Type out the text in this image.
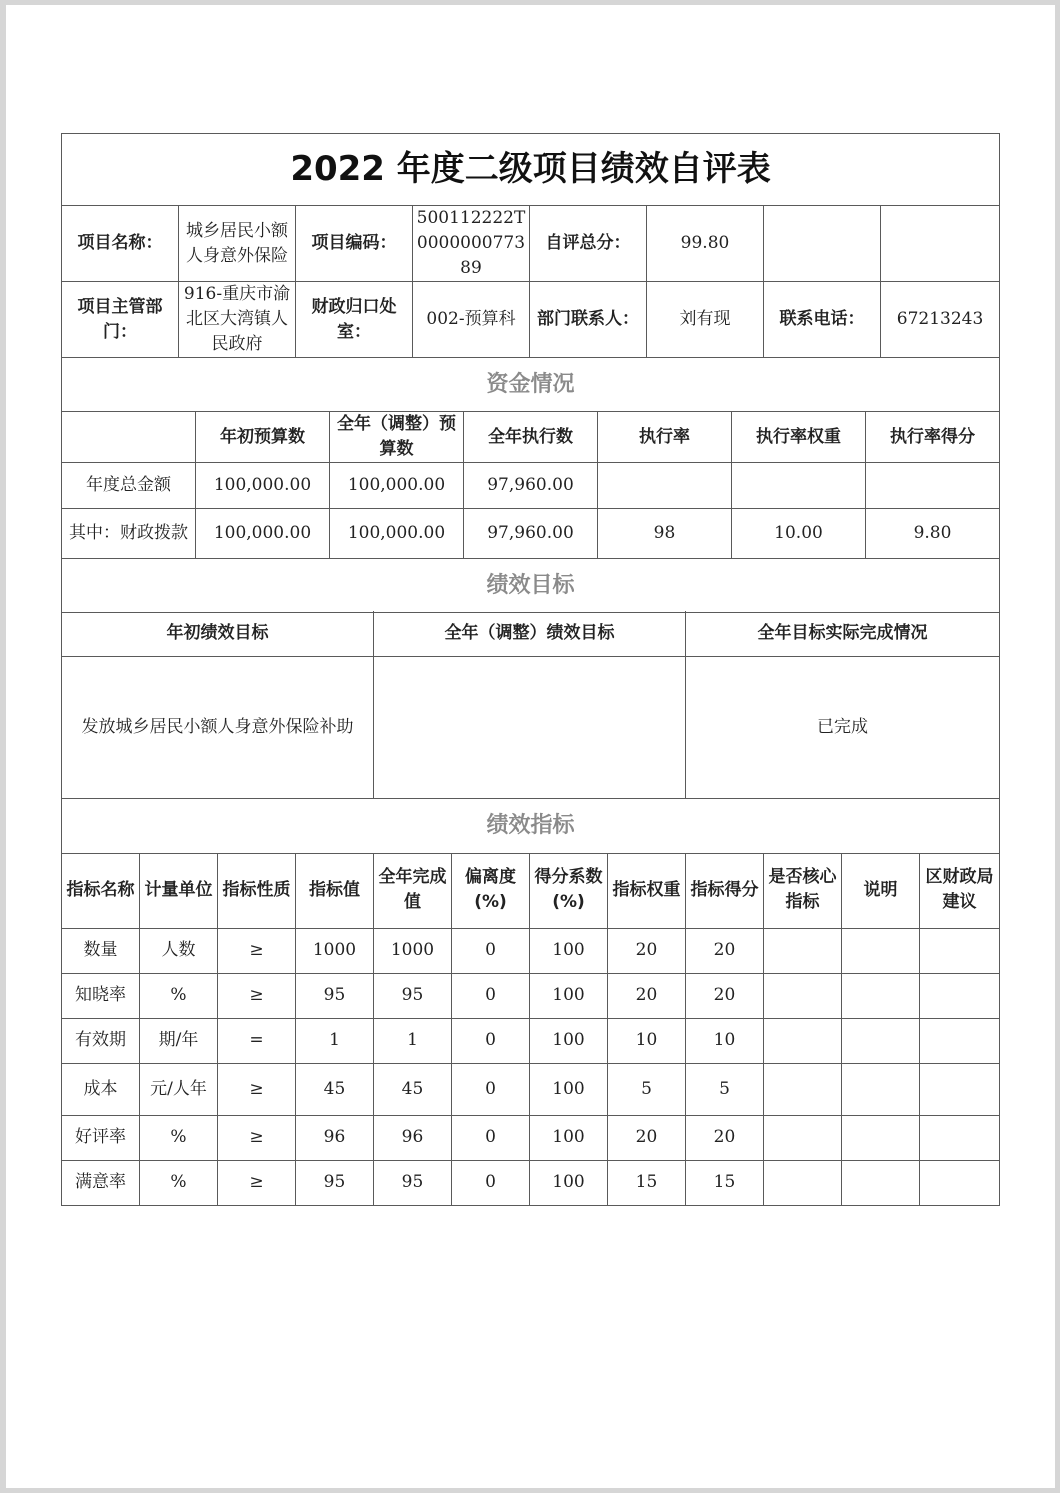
2022 年度二级项目绩效自评表							
项目名称：	城乡居民小额人身意外保险	项目编码：	500112222T000000077389	自评总分：	99.80		
项目主管部门：	916-重庆市渝北区大湾镇人民政府	财政归口处室：	002-预算科	部门联系人：	刘有现	联系电话：	67213243
资金情况							
	年初预算数	全年（调整）预算数	全年执行数	执行率	执行率权重	执行率得分
年度总金额	100,000.00	100,000.00	97,960.00			
其中：财政拨款	100,000.00	100,000.00	97,960.00	98	10.00	9.80
绩效目标						
年初绩效目标	全年（调整）绩效目标	全年目标实际完成情况
发放城乡居民小额人身意外保险补助		已完成
绩效指标		
指标名称	计量单位	指标性质	指标值	全年完成值	偏离度(%)	得分系数(%)	指标权重	指标得分	是否核心指标	说明	区财政局建议
数量	人数	≥	1000	1000	0	100	20	20			
知晓率	%	≥	95	95	0	100	20	20			
有效期	期/年	=	1	1	0	100	10	10			
成本	元/人年	≥	45	45	0	100	5	5			
好评率	%	≥	96	96	0	100	20	20			
满意率	%	≥	95	95	0	100	15	15			
